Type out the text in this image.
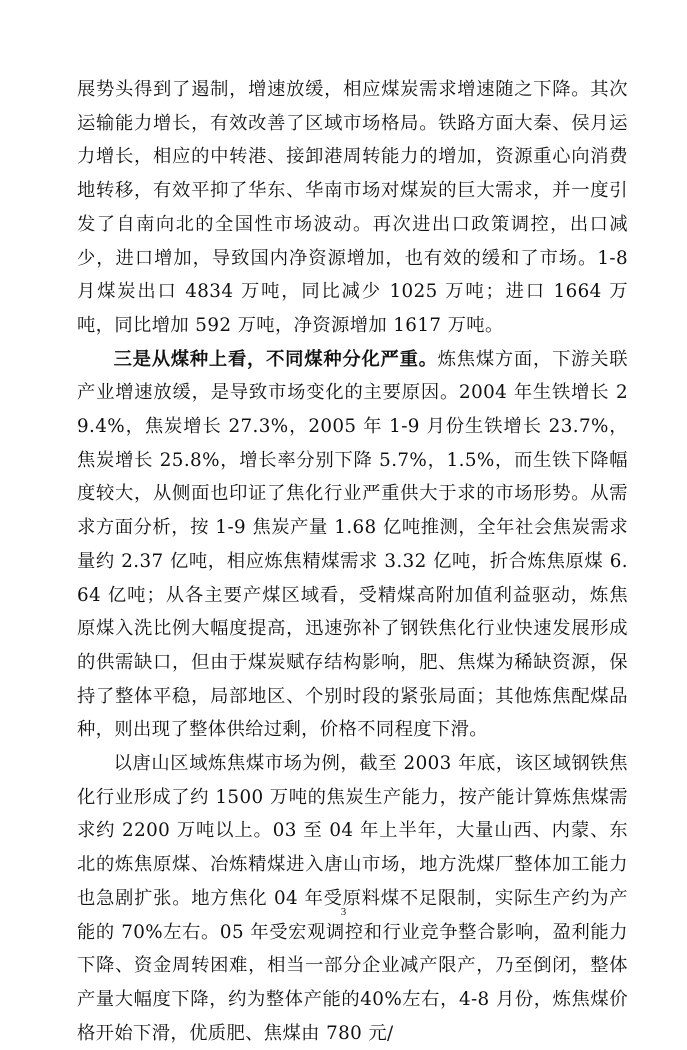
展势头得到了遏制，增速放缓，相应煤炭需求增速随之下降。其次运输能力增长，有效改善了区域市场格局。铁路方面大秦、侯月运力增长，相应的中转港、接卸港周转能力的增加，资源重心向消费地转移，有效平抑了华东、华南市场对煤炭的巨大需求，并一度引发了自南向北的全国性市场波动。再次进出口政策调控，出口减少，进口增加，导致国内净资源增加，也有效的缓和了市场。1-8 月煤炭出口 4834 万吨，同比减少 1025 万吨；进口 1664 万吨，同比增加 592 万吨，净资源增加 1617 万吨。

三是从煤种上看，不同煤种分化严重。炼焦煤方面，下游关联产业增速放缓，是导致市场变化的主要原因。2004 年生铁增长 29.4%，焦炭增长 27.3%，2005 年 1-9 月份生铁增长 23.7%，焦炭增长 25.8%，增长率分别下降 5.7%，1.5%，而生铁下降幅度较大，从侧面也印证了焦化行业严重供大于求的市场形势。从需求方面分析，按 1-9 焦炭产量 1.68 亿吨推测，全年社会焦炭需求量约 2.37 亿吨，相应炼焦精煤需求 3.32 亿吨，折合炼焦原煤 6.64 亿吨；从各主要产煤区域看，受精煤高附加值利益驱动，炼焦原煤入洗比例大幅度提高，迅速弥补了钢铁焦化行业快速发展形成的供需缺口，但由于煤炭赋存结构影响，肥、焦煤为稀缺资源，保持了整体平稳，局部地区、个别时段的紧张局面；其他炼焦配煤品种，则出现了整体供给过剩，价格不同程度下滑。

以唐山区域炼焦煤市场为例，截至 2003 年底，该区域钢铁焦化行业形成了约 1500 万吨的焦炭生产能力，按产能计算炼焦煤需求约 2200 万吨以上。03 至 04 年上半年，大量山西、内蒙、东北的炼焦原煤、冶炼精煤进入唐山市场，地方洗煤厂整体加工能力也急剧扩张。地方焦化 04 年受原料煤不足限制，实际生产约为产能的 70%左右。05 年受宏观调控和行业竞争整合影响，盈利能力下降、资金周转困难，相当一部分企业减产限产，乃至倒闭，整体产量大幅度下降，约为整体产能的40%左右，4-8 月份，炼焦煤价格开始下滑，优质肥、焦煤由 780 元/

3
